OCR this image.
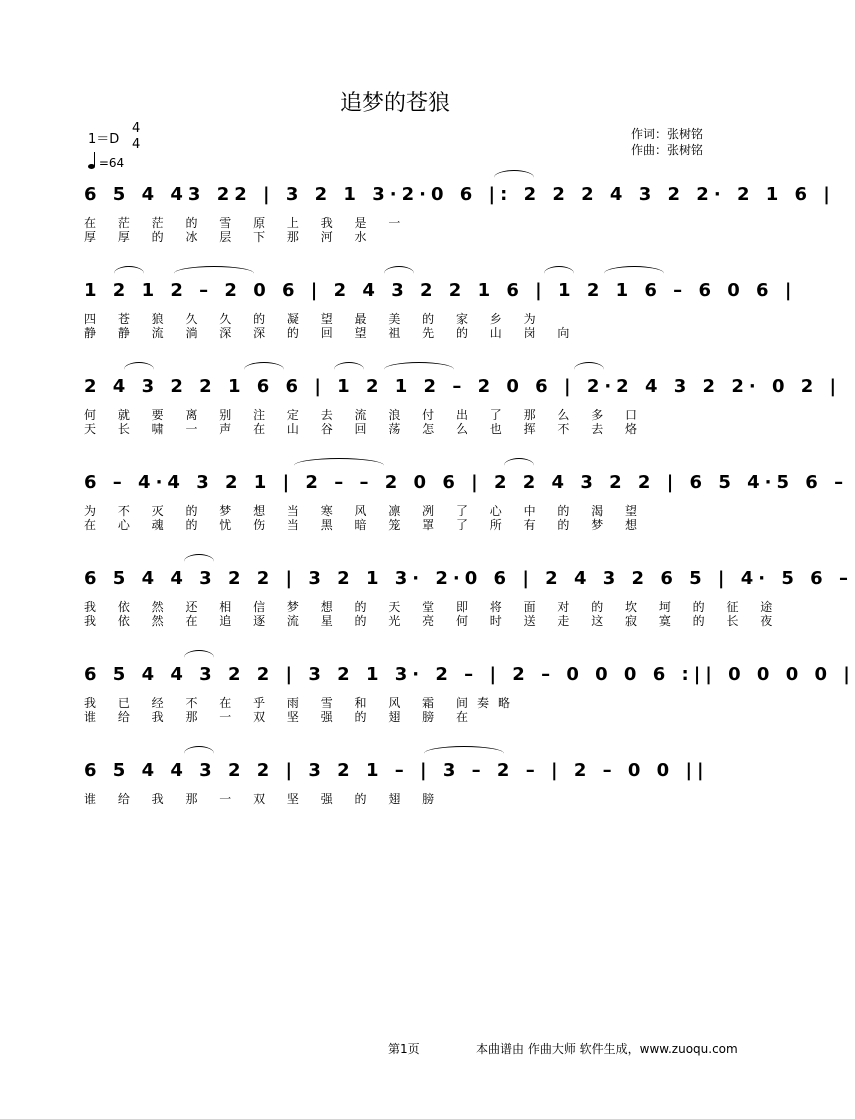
追梦的苍狼
1＝D
4
4
=64
作词：张树铭
作曲：张树铭
6 5 4 43 22 | 3 2 1 3·2·0 6 |: 2 2 2 4 3 2 2· 2 1 6 |
在 茫 茫 的 雪 原 上 我 是 一
厚 厚 的 冰 层 下 那 河 水
1 2 1 2 – 2 0 6 | 2 4 3 2 2 1 6 | 1 2 1 6 – 6 0 6 |
四 苍 狼 久 久 的 凝 望 最 美 的 家 乡 为
静 静 流 淌 深 深 的 回 望 祖 先 的 山 岗 向
2 4 3 2 2 1 6 6 | 1 2 1 2 – 2 0 6 | 2·2 4 3 2 2· 0 2 |
何 就 要 离 别 注 定 去 流 浪 付 出 了 那 么 多 口
天 长 啸 一 声 在 山 谷 回 荡 怎 么 也 挥 不 去 烙
6 – 4·4 3 2 1 | 2 – – 2 0 6 | 2 2 4 3 2 2 | 6 5 4·5 6 –
为 不 灭 的 梦 想 当 寒 风 凛 冽 了 心 中 的 渴 望
在 心 魂 的 忧 伤 当 黑 暗 笼 罩 了 所 有 的 梦 想
6 5 4 4 3 2 2 | 3 2 1 3· 2·0 6 | 2 4 3 2 6 5 | 4· 5 6 –
我 依 然 还 相 信 梦 想 的 天 堂 即 将 面 对 的 坎 坷 的 征 途
我 依 然 在 追 逐 流 星 的 光 亮 何 时 送 走 这 寂 寞 的 长 夜
6 5 4 4 3 2 2 | 3 2 1 3· 2 – | 2 – 0 0 0 6 :|| 0 0 0 0 |
我 已 经 不 在 乎 雨 雪 和 风 霜 间奏略
谁 给 我 那 一 双 坚 强 的 翅 膀 在
6 5 4 4 3 2 2 | 3 2 1 – | 3 – 2 – | 2 – 0 0 ||
谁 给 我 那 一 双 坚 强 的 翅 膀
第1页	本曲谱由 作曲大师 软件生成，www.zuoqu.com
